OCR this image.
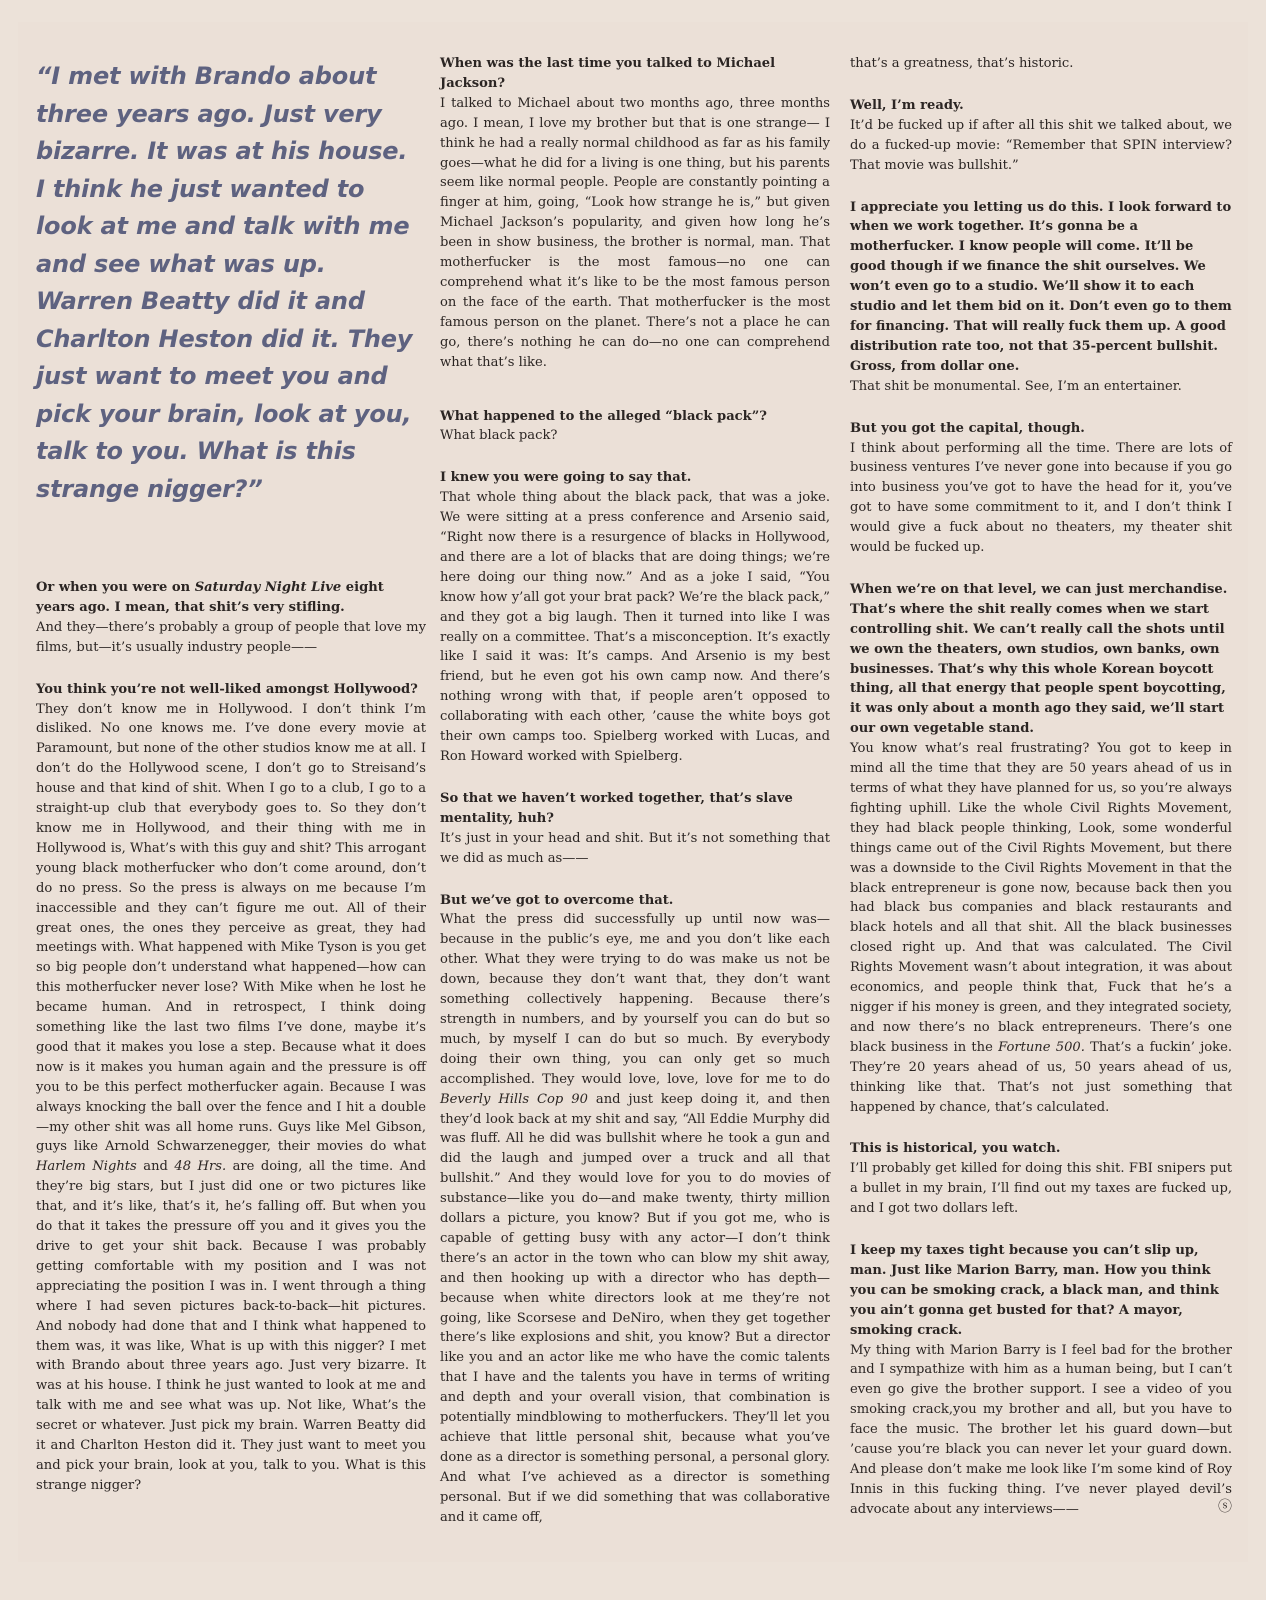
“I met with Brando about three years ago. Just very bizarre. It was at his house. I think he just wanted to look at me and talk with me and see what was up. Warren Beatty did it and Charlton Heston did it. They just want to meet you and pick your brain, look at you, talk to you. What is this strange nigger?”

Or when you were on Saturday Night Live eight years ago. I mean, that shit’s very stifling.
And they—there’s probably a group of people that love my films, but—it’s usually industry people——
You think you’re not well-liked amongst Hollywood?
They don’t know me in Hollywood. I don’t think I’m disliked. No one knows me. I’ve done every movie at Paramount, but none of the other studios know me at all. I don’t do the Hollywood scene, I don’t go to Streisand’s house and that kind of shit. When I go to a club, I go to a straight-up club that everybody goes to. So they don’t know me in Hollywood, and their thing with me in Hollywood is, What’s with this guy and shit? This arrogant young black motherfucker who don’t come around, don’t do no press. So the press is always on me because I’m inaccessible and they can’t figure me out. All of their great ones, the ones they perceive as great, they had meetings with. What happened with Mike Tyson is you get so big people don’t understand what happened—how can this motherfucker never lose? With Mike when he lost he became human. And in retrospect, I think doing something like the last two films I’ve done, maybe it’s good that it makes you lose a step. Because what it does now is it makes you human again and the pressure is off you to be this perfect motherfucker again. Because I was always knocking the ball over the fence and I hit a double—my other shit was all home runs. Guys like Mel Gibson, guys like Arnold Schwarzenegger, their movies do what Harlem Nights and 48 Hrs. are doing, all the time. And they’re big stars, but I just did one or two pictures like that, and it’s like, that’s it, he’s falling off. But when you do that it takes the pressure off you and it gives you the drive to get your shit back. Because I was probably getting comfortable with my position and I was not appreciating the position I was in. I went through a thing where I had seven pictures back-to-back—hit pictures. And nobody had done that and I think what happened to them was, it was like, What is up with this nigger? I met with Brando about three years ago. Just very bizarre. It was at his house. I think he just wanted to look at me and talk with me and see what was up. Not like, What’s the secret or whatever. Just pick my brain. Warren Beatty did it and Charlton Heston did it. They just want to meet you and pick your brain, look at you, talk to you. What is this strange nigger?
When was the last time you talked to Michael Jackson?
I talked to Michael about two months ago, three months ago. I mean, I love my brother but that is one strange— I think he had a really normal childhood as far as his family goes—what he did for a living is one thing, but his parents seem like normal people. People are constantly pointing a finger at him, going, “Look how strange he is,” but given Michael Jackson’s popularity, and given how long he’s been in show business, the brother is normal, man. That motherfucker is the most famous—no one can comprehend what it’s like to be the most famous person on the face of the earth. That motherfucker is the most famous person on the planet. There’s not a place he can go, there’s nothing he can do—no one can comprehend what that’s like.
What happened to the alleged “black pack”?
What black pack?
I knew you were going to say that.
That whole thing about the black pack, that was a joke. We were sitting at a press conference and Arsenio said, “Right now there is a resurgence of blacks in Hollywood, and there are a lot of blacks that are doing things; we’re here doing our thing now.” And as a joke I said, “You know how y’all got your brat pack? We’re the black pack,” and they got a big laugh. Then it turned into like I was really on a committee. That’s a misconception. It’s exactly like I said it was: It’s camps. And Arsenio is my best friend, but he even got his own camp now. And there’s nothing wrong with that, if people aren’t opposed to collaborating with each other, ’cause the white boys got their own camps too. Spielberg worked with Lucas, and Ron Howard worked with Spielberg.
So that we haven’t worked together, that’s slave mentality, huh?
It’s just in your head and shit. But it’s not something that we did as much as——
But we’ve got to overcome that.
What the press did successfully up until now was—because in the public’s eye, me and you don’t like each other. What they were trying to do was make us not be down, because they don’t want that, they don’t want something collectively happening. Because there’s strength in numbers, and by yourself you can do but so much, by myself I can do but so much. By everybody doing their own thing, you can only get so much accomplished. They would love, love, love for me to do Beverly Hills Cop 90 and just keep doing it, and then they’d look back at my shit and say, “All Eddie Murphy did was fluff. All he did was bullshit where he took a gun and did the laugh and jumped over a truck and all that bullshit.” And they would love for you to do movies of substance—like you do—and make twenty, thirty million dollars a picture, you know? But if you got me, who is capable of getting busy with any actor—I don’t think there’s an actor in the town who can blow my shit away, and then hooking up with a director who has depth—because when white directors look at me they’re not going, like Scorsese and DeNiro, when they get together there’s like explosions and shit, you know? But a director like you and an actor like me who have the comic talents that I have and the talents you have in terms of writing and depth and your overall vision, that combination is potentially mindblowing to motherfuckers. They’ll let you achieve that little personal shit, because what you’ve done as a director is something personal, a personal glory. And what I’ve achieved as a director is something personal. But if we did something that was collaborative and it came off,
that’s a greatness, that’s historic.
Well, I’m ready.
It’d be fucked up if after all this shit we talked about, we do a fucked-up movie: “Remember that SPIN interview? That movie was bullshit.”
I appreciate you letting us do this. I look forward to when we work together. It’s gonna be a motherfucker. I know people will come. It’ll be good though if we finance the shit ourselves. We won’t even go to a studio. We’ll show it to each studio and let them bid on it. Don’t even go to them for financing. That will really fuck them up. A good distribution rate too, not that 35-percent bullshit. Gross, from dollar one.
That shit be monumental. See, I’m an entertainer.
But you got the capital, though.
I think about performing all the time. There are lots of business ventures I’ve never gone into because if you go into business you’ve got to have the head for it, you’ve got to have some commitment to it, and I don’t think I would give a fuck about no theaters, my theater shit would be fucked up.
When we’re on that level, we can just merchandise. That’s where the shit really comes when we start controlling shit. We can’t really call the shots until we own the theaters, own studios, own banks, own businesses. That’s why this whole Korean boycott thing, all that energy that people spent boycotting, it was only about a month ago they said, we’ll start our own vegetable stand.
You know what’s real frustrating? You got to keep in mind all the time that they are 50 years ahead of us in terms of what they have planned for us, so you’re always fighting uphill. Like the whole Civil Rights Movement, they had black people thinking, Look, some wonderful things came out of the Civil Rights Movement, but there was a downside to the Civil Rights Movement in that the black entrepreneur is gone now, because back then you had black bus companies and black restaurants and black hotels and all that shit. All the black businesses closed right up. And that was calculated. The Civil Rights Movement wasn’t about integration, it was about economics, and people think that, Fuck that he’s a nigger if his money is green, and they integrated society, and now there’s no black entrepreneurs. There’s one black business in the Fortune 500. That’s a fuckin’ joke. They’re 20 years ahead of us, 50 years ahead of us, thinking like that. That’s not just something that happened by chance, that’s calculated.
This is historical, you watch.
I’ll probably get killed for doing this shit. FBI snipers put a bullet in my brain, I’ll find out my taxes are fucked up, and I got two dollars left.
I keep my taxes tight because you can’t slip up, man. Just like Marion Barry, man. How you think you can be smoking crack, a black man, and think you ain’t gonna get busted for that? A mayor, smoking crack.
My thing with Marion Barry is I feel bad for the brother and I sympathize with him as a human being, but I can’t even go give the brother support. I see a video of you smoking crack,you my brother and all, but you have to face the music. The brother let his guard down—but ’cause you’re black you can never let your guard down. And please don’t make me look like I’m some kind of Roy Innis in this fucking thing. I’ve never played devil’s advocate about any interviews——	ⓢ
